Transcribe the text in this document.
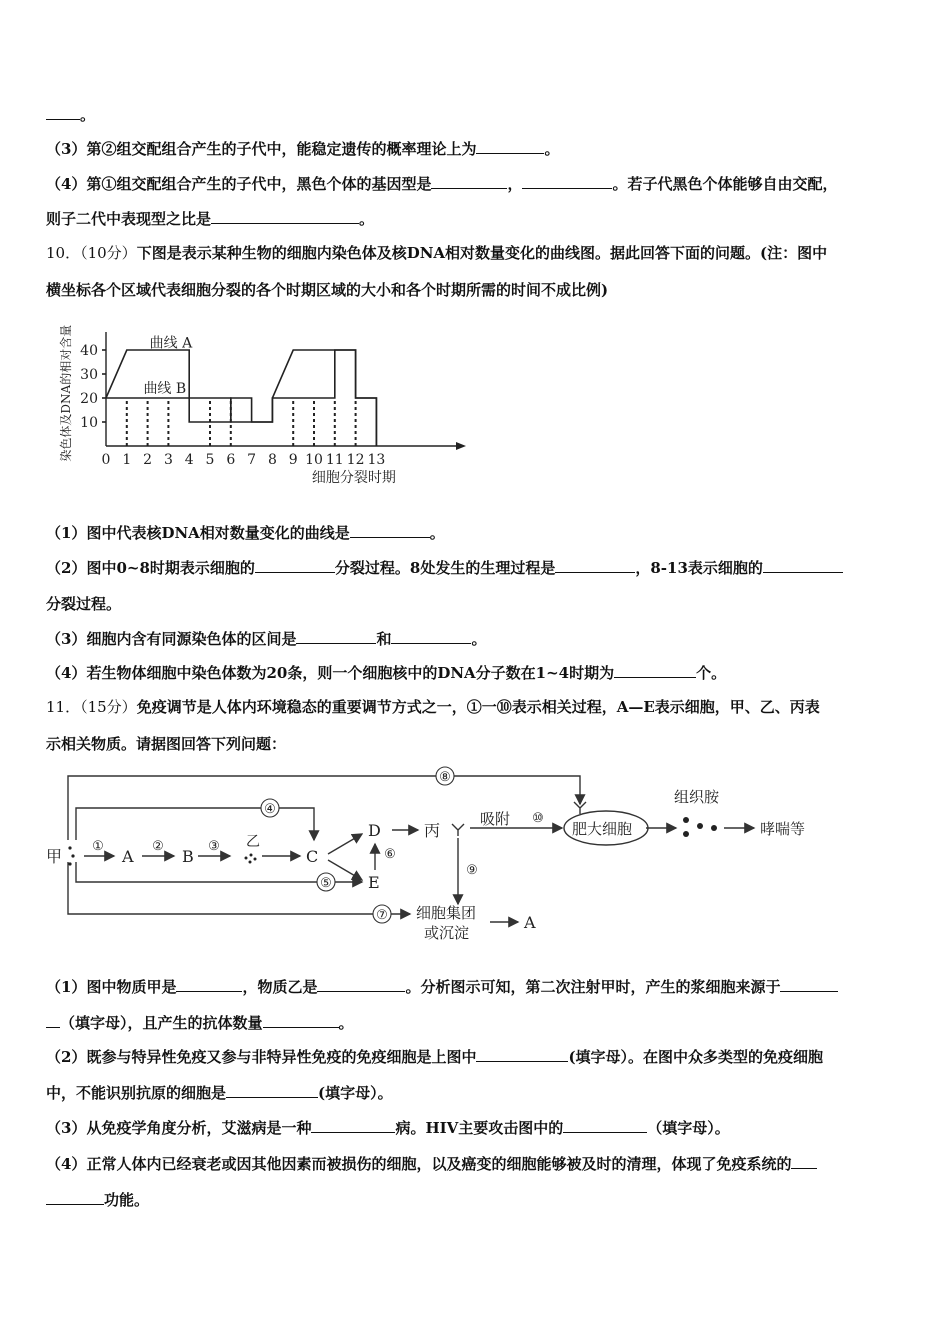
。
（3）第②组交配组合产生的子代中，能稳定遗传的概率理论上为	。
（4）第①组交配组合产生的子代中，黑色个体的基因型是	，	。若子代黑色个体能够自由交配，
则子二代中表现型之比是	。
10．（10分）下图是表示某种生物的细胞内染色体及核DNA相对数量变化的曲线图。据此回答下面的问题。(注：图中
横坐标各个区域代表细胞分裂的各个时期区域的大小和各个时期所需的时间不成比例)
10
20
30
40
0 1 2 3 4 5 6 7 8 9 10 11 12 13
曲线 A
曲线 B
细胞分裂时期
染色体及DNA的相对含量
（1）图中代表核DNA相对数量变化的曲线是	。
（2）图中0~8时期表示细胞的	分裂过程。8处发生的生理过程是	，8-13表示细胞的
分裂过程。
（3）细胞内含有同源染色体的区间是	和	。
（4）若生物体细胞中染色体数为20条，则一个细胞核中的DNA分子数在1~4时期为	个。
11．（15分）免疫调节是人体内环境稳态的重要调节方式之一，①一⑩表示相关过程，A—E表示细胞，甲、乙、丙表
示相关物质。请据图回答下列问题：
⑧
④
⑤
⑦
①	②	③
⑥
⑨
⑩
甲	A	B
乙
C
D
E
丙
吸附
肥大细胞
组织胺
哮喘等
细胞集团
或沉淀
A
（1）图中物质甲是	，物质乙是	。分析图示可知，第二次注射甲时，产生的浆细胞来源于
（填字母），且产生的抗体数量	。
（2）既参与特异性免疫又参与非特异性免疫的免疫细胞是上图中	(填字母）。在图中众多类型的免疫细胞
中，不能识别抗原的细胞是	(填字母）。
（3）从免疫学角度分析，艾滋病是一种	病。HIV主要攻击图中的	（填字母）。
（4）正常人体内已经衰老或因其他因素而被损伤的细胞，以及癌变的细胞能够被及时的清理，体现了免疫系统的
功能。
